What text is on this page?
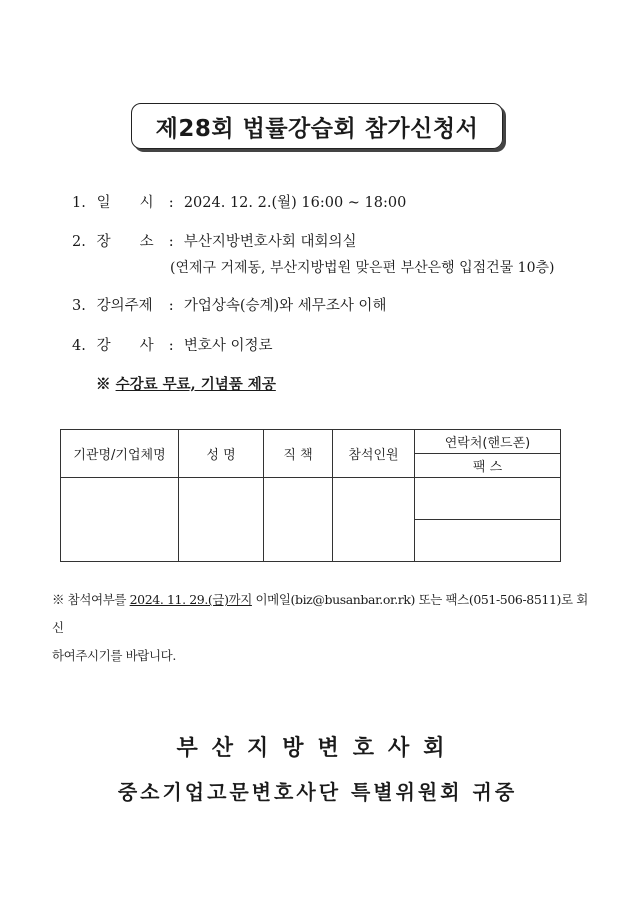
제28회 법률강습회 참가신청서
1. 일　　시 : 2024. 12. 2.(월) 16:00 ~ 18:00
2. 장　　소 : 부산지방변호사회 대회의실
(연제구 거제동, 부산지방법원 맞은편 부산은행 입점건물 10층)
3. 강의주제 : 가업상속(승계)와 세무조사 이해
4. 강　　사 : 변호사 이정로
※ 수강료 무료, 기념품 제공
기관명/기업체명	성 명	직 책	참석인원	연락처(핸드폰)
				팩 스

※ 참석여부를 2024. 11. 29.(금)까지 이메일(biz@busanbar.or.rk) 또는 팩스(051-506-8511)로 회신
하여주시기를 바랍니다.
부산지방변호사회
중소기업고문변호사단 특별위원회 귀중
